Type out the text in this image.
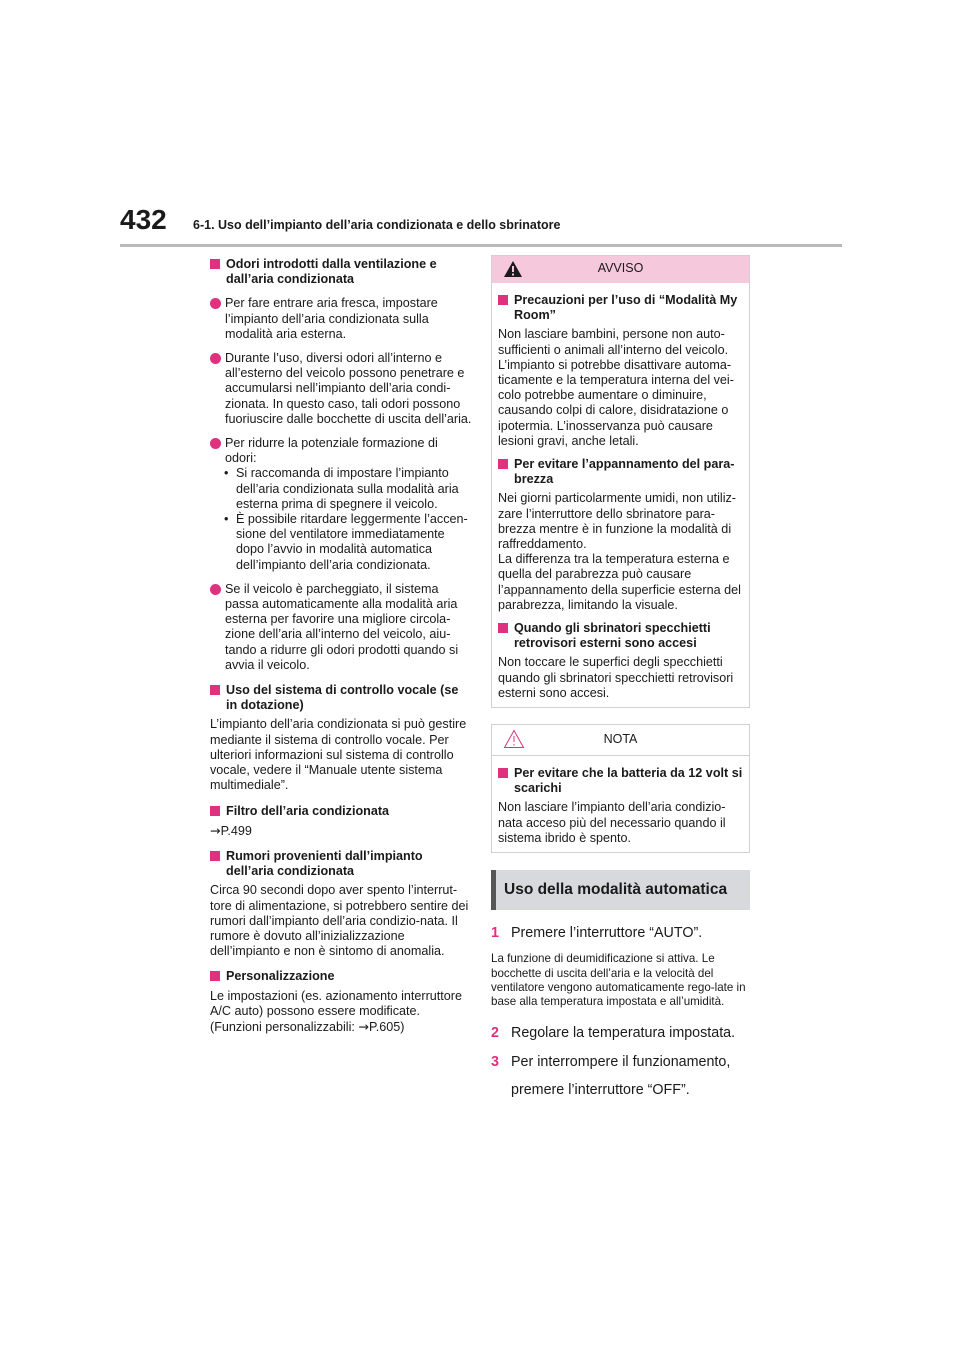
432 6-1. Uso dell’impianto dell’aria condizionata e dello sbrinatore
Odori introdotti dalla ventilazione e dall’aria condizionata
Per fare entrare aria fresca, impostare l’impianto dell’aria condizionata sulla modalità aria esterna.
Durante l’uso, diversi odori all’interno e all’esterno del veicolo possono penetrare e accumularsi nell’impianto dell’aria condi-zionata. In questo caso, tali odori possono fuoriuscire dalle bocchette di uscita dell’aria.
Per ridurre la potenziale formazione di odori:
• Si raccomanda di impostare l’impianto dell’aria condizionata sulla modalità aria esterna prima di spegnere il veicolo.
• È possibile ritardare leggermente l’accen-sione del ventilatore immediatamente dopo l’avvio in modalità automatica dell’impianto dell’aria condizionata.
Se il veicolo è parcheggiato, il sistema passa automaticamente alla modalità aria esterna per favorire una migliore circola-zione dell’aria all’interno del veicolo, aiu-tando a ridurre gli odori prodotti quando si avvia il veicolo.
Uso del sistema di controllo vocale (se in dotazione)
L’impianto dell’aria condizionata si può gestire mediante il sistema di controllo vocale. Per ulteriori informazioni sul sistema di controllo vocale, vedere il “Manuale utente sistema multimediale”.
Filtro dell’aria condizionata
→P.499
Rumori provenienti dall’impianto dell’aria condizionata
Circa 90 secondi dopo aver spento l’interrut-tore di alimentazione, si potrebbero sentire dei rumori dall’impianto dell’aria condizio-nata. Il rumore è dovuto all’inizializzazione dell’impianto e non è sintomo di anomalia.
Personalizzazione
Le impostazioni (es. azionamento interruttore A/C auto) possono essere modificate. (Funzioni personalizzabili: →P.605)
AVVISO
Precauzioni per l’uso di “Modalità My Room”
Non lasciare bambini, persone non auto-sufficienti o animali all’interno del veicolo. L’impianto si potrebbe disattivare automa-ticamente e la temperatura interna del vei-colo potrebbe aumentare o diminuire, causando colpi di calore, disidratazione o ipotermia. L’inosservanza può causare lesioni gravi, anche letali.
Per evitare l’appannamento del para-brezza
Nei giorni particolarmente umidi, non utiliz-zare l’interruttore dello sbrinatore para-brezza mentre è in funzione la modalità di raffreddamento.
La differenza tra la temperatura esterna e quella del parabrezza può causare l’appannamento della superficie esterna del parabrezza, limitando la visuale.
Quando gli sbrinatori specchietti retrovisori esterni sono accesi
Non toccare le superfici degli specchietti quando gli sbrinatori specchietti retrovisori esterni sono accesi.
NOTA
Per evitare che la batteria da 12 volt si scarichi
Non lasciare l’impianto dell’aria condizio-nata acceso più del necessario quando il sistema ibrido è spento.
Uso della modalità automatica
1 Premere l’interruttore “AUTO”.
La funzione di deumidificazione si attiva. Le bocchette di uscita dell’aria e la velocità del ventilatore vengono automaticamente rego-late in base alla temperatura impostata e all’umidità.
2 Regolare la temperatura impostata.
3 Per interrompere il funzionamento, premere l’interruttore “OFF”.
